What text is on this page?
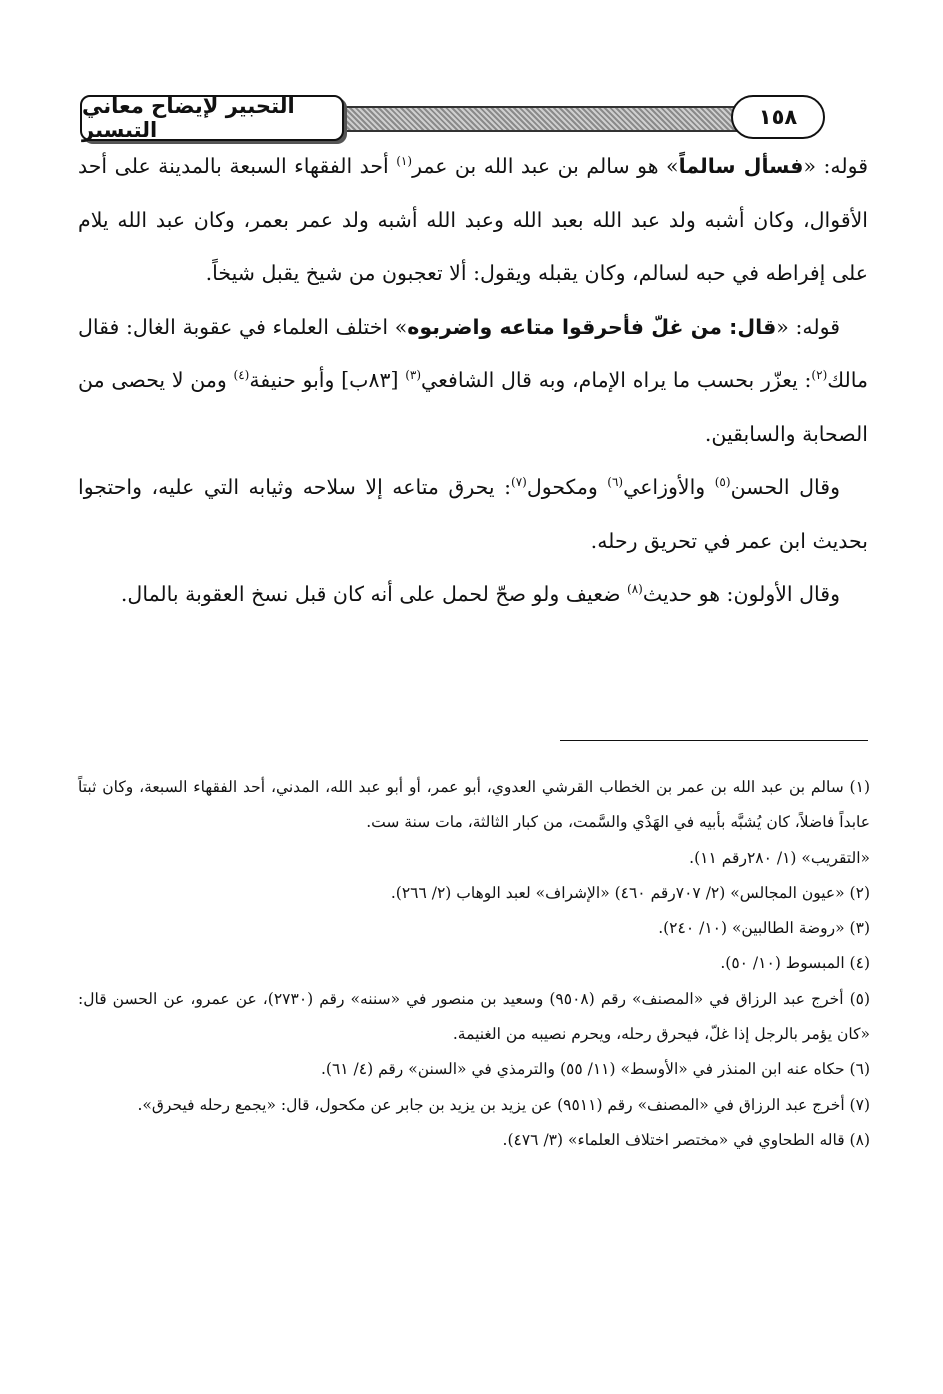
التحبير لإيضاح معاني التيسير
١٥٨

قوله: «فسأل سالماً» هو سالم بن عبد الله بن عمر$^{(١)}$ أحد الفقهاء السبعة بالمدينة على أحد الأقوال، وكان أشبه ولد عبد الله بعبد الله وعبد الله أشبه ولد عمر بعمر، وكان عبد الله يلام على إفراطه في حبه لسالم، وكان يقبله ويقول: ألا تعجبون من شيخ يقبل شيخاً.

قوله: «قال: من غلّ فأحرقوا متاعه واضربوه» اختلف العلماء في عقوبة الغال: فقال مالك$^{(٢)}$: يعزّر بحسب ما يراه الإمام، وبه قال الشافعي$^{(٣)}$ [٨٣ب] وأبو حنيفة$^{(٤)}$ ومن لا يحصى من الصحابة والسابقين.

وقال الحسن$^{(٥)}$ والأوزاعي$^{(٦)}$ ومكحول$^{(٧)}$: يحرق متاعه إلا سلاحه وثيابه التي عليه، واحتجوا بحديث ابن عمر في تحريق رحله.

وقال الأولون: هو حديث$^{(٨)}$ ضعيف ولو صحّ لحمل على أنه كان قبل نسخ العقوبة بالمال.

(١) سالم بن عبد الله بن عمر بن الخطاب القرشي العدوي، أبو عمر، أو أبو عبد الله، المدني، أحد الفقهاء السبعة، وكان ثبتاً عابداً فاضلاً، كان يُشبَّه بأبيه في الهَدْي والسَّمت، من كبار الثالثة، مات سنة ست.

«التقريب» (١/ ٢٨٠رقم ١١).

(٢) «عيون المجالس» (٢/ ٧٠٧رقم ٤٦٠) «الإشراف» لعبد الوهاب (٢/ ٢٦٦).

(٣) «روضة الطالبين» (١٠/ ٢٤٠).

(٤) المبسوط (١٠/ ٥٠).

(٥) أخرج عبد الرزاق في «المصنف» رقم (٩٥٠٨) وسعيد بن منصور في «سننه» رقم (٢٧٣٠)، عن عمرو، عن الحسن قال: «كان يؤمر بالرجل إذا غلّ، فيحرق رحله، ويحرم نصيبه من الغنيمة.

(٦) حكاه عنه ابن المنذر في «الأوسط» (١١/ ٥٥) والترمذي في «السنن» رقم (٤/ ٦١).

(٧) أخرج عبد الرزاق في «المصنف» رقم (٩٥١١) عن يزيد بن يزيد بن جابر عن مكحول، قال: «يجمع رحله فيحرق».

(٨) قاله الطحاوي في «مختصر اختلاف العلماء» (٣/ ٤٧٦).
